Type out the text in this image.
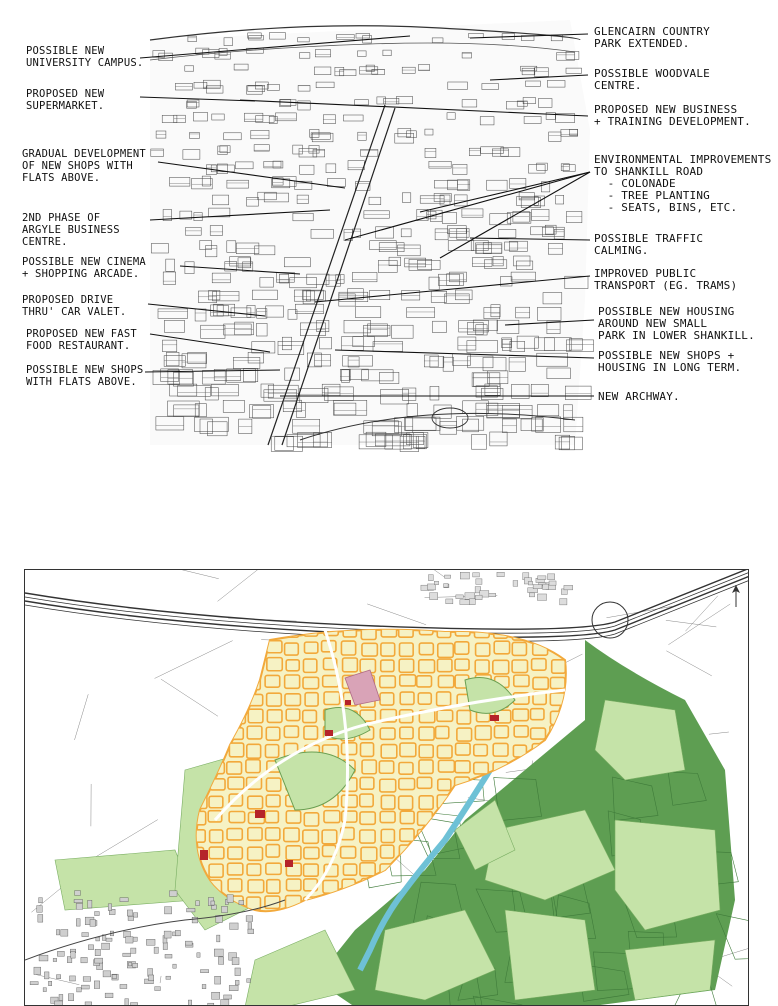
POSSIBLE NEW
UNIVERSITY CAMPUS.
PROPOSED NEW
SUPERMARKET.
GRADUAL DEVELOPMENT
OF NEW SHOPS WITH
FLATS ABOVE.
2ND PHASE OF
ARGYLE BUSINESS
CENTRE.
POSSIBLE NEW CINEMA
+ SHOPPING ARCADE.
PROPOSED DRIVE
THRU' CAR VALET.
PROPOSED NEW FAST
FOOD RESTAURANT.
POSSIBLE NEW SHOPS
WITH FLATS ABOVE.
GLENCAIRN COUNTRY
PARK EXTENDED.
POSSIBLE WOODVALE
CENTRE.
PROPOSED NEW BUSINESS
+ TRAINING DEVELOPMENT.
ENVIRONMENTAL IMPROVEMENTS
TO SHANKILL ROAD
- COLONADE
- TREE PLANTING
- SEATS, BINS, ETC.
POSSIBLE TRAFFIC
CALMING.
IMPROVED PUBLIC
TRANSPORT (EG. TRAMS)
POSSIBLE NEW HOUSING
AROUND NEW SMALL
PARK IN LOWER SHANKILL.
POSSIBLE NEW SHOPS +
HOUSING IN LONG TERM.
NEW ARCHWAY.
